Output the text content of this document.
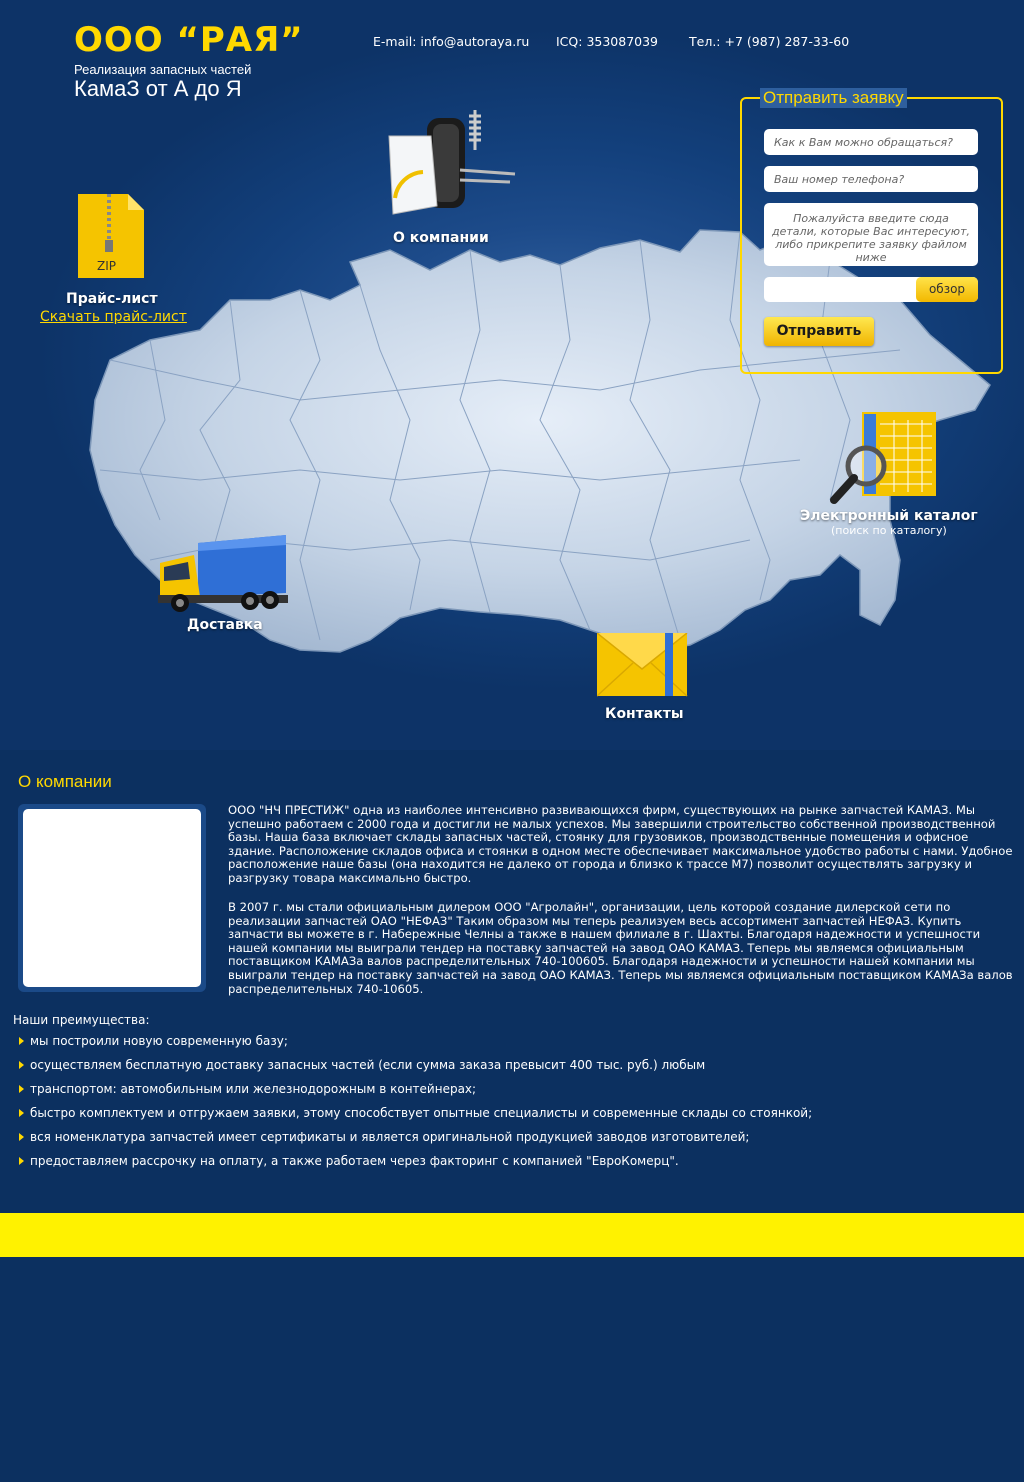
ООО “РАЯ”
Реализация запасных частей
КамаЗ от А до Я
E-mail: info@autoraya.ru ICQ: 353087039 Тел.: +7 (987) 287-33-60
О компании
ZIP
Прайс-лист
Скачать прайс-лист
Электронный каталог
(поиск по каталогу)
Доставка
Контакты
Отправить заявку
Как к Вам можно обращаться?
Ваш номер телефона?
Пожалуйста введите сюда детали, которые Вас интересуют, либо прикрепите заявку файлом ниже
обзор
Отправить
О компании
ООО "НЧ ПРЕСТИЖ" одна из наиболее интенсивно развивающихся фирм, существующих на рынке запчастей КАМАЗ. Мы успешно работаем с 2000 года и достигли не малых успехов. Мы завершили строительство собственной производственной базы. Наша база включает склады запасных частей, стоянку для грузовиков, производственные помещения и офисное здание. Расположение складов офиса и стоянки в одном месте обеспечивает максимальное удобство работы с нами. Удобное расположение наше базы (она находится не далеко от города и близко к трассе М7) позволит осуществлять загрузку и разгрузку товара максимально быстро.
В 2007 г. мы стали официальным дилером ООО "Агролайн", организации, цель которой создание дилерской сети по реализации запчастей ОАО "НЕФАЗ" Таким образом мы теперь реализуем весь ассортимент запчастей НЕФАЗ. Купить запчасти вы можете в г. Набережные Челны а также в нашем филиале в г. Шахты. Благодаря надежности и успешности нашей компании мы выиграли тендер на поставку запчастей на завод ОАО КАМАЗ. Теперь мы являемся официальным поставщиком КАМАЗа валов распределительных 740-100605. Благодаря надежности и успешности нашей компании мы выиграли тендер на поставку запчастей на завод ОАО КАМАЗ. Теперь мы являемся официальным поставщиком КАМАЗа валов распределительных 740-10605.
Наши преимущества:
мы построили новую современную базу;
осуществляем бесплатную доставку запасных частей (если сумма заказа превысит 400 тыс. руб.) любым
транспортом: автомобильным или железнодорожным в контейнерах;
быстро комплектуем и отгружаем заявки, этому способствует опытные специалисты и современные склады со стоянкой;
вся номенклатура запчастей имеет сертификаты и является оригинальной продукцией заводов изготовителей;
предоставляем рассрочку на оплату, а также работаем через факторинг с компанией "ЕвроКомерц".
